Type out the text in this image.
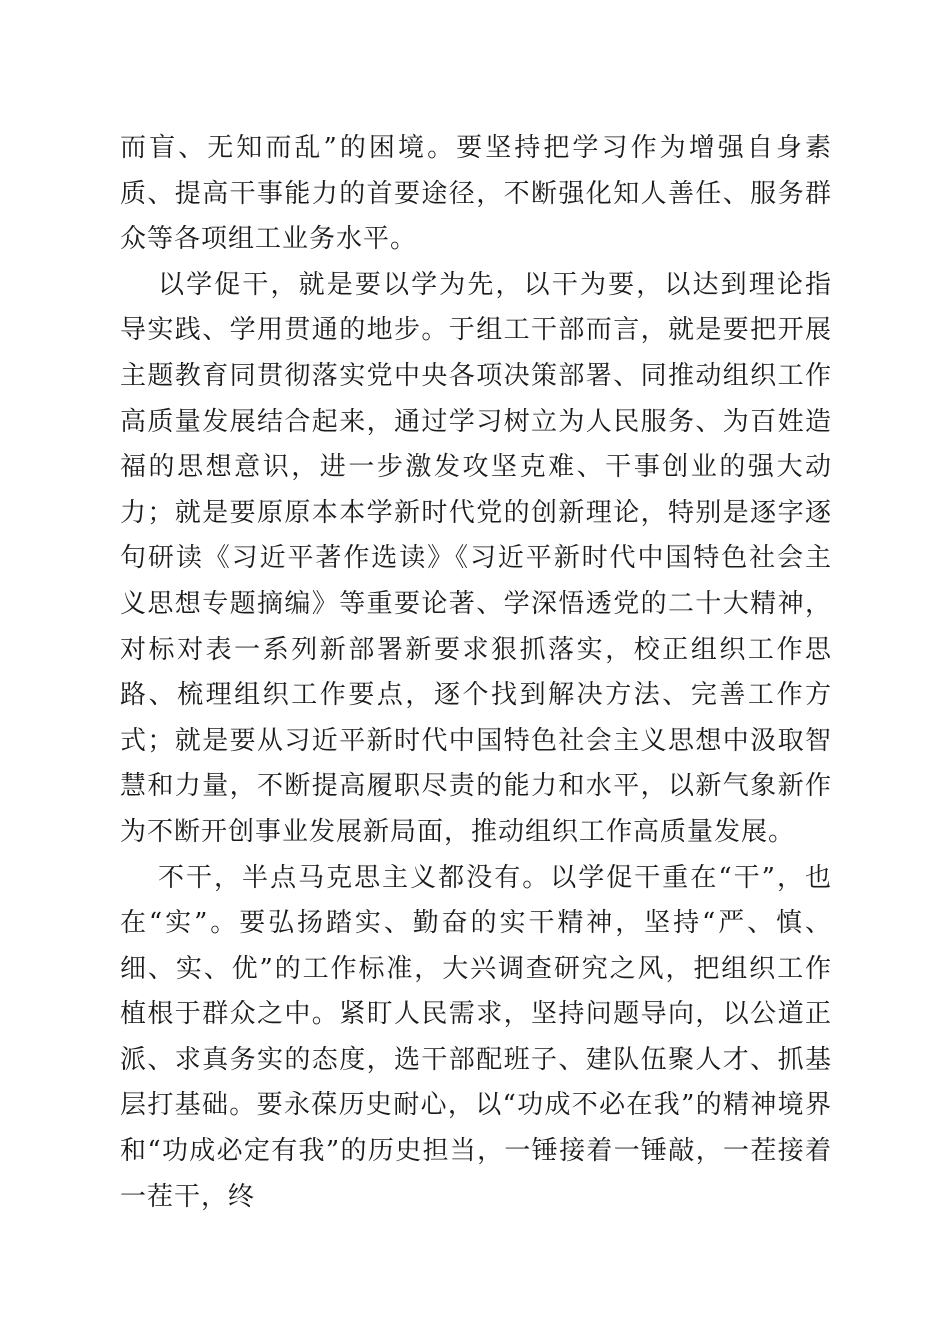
而盲、无知而乱”的困境。要坚持把学习作为增强自身素质、提高干事能力的首要途径，不断强化知人善任、服务群众等各项组工业务水平。

以学促干，就是要以学为先，以干为要，以达到理论指导实践、学用贯通的地步。于组工干部而言，就是要把开展主题教育同贯彻落实党中央各项决策部署、同推动组织工作高质量发展结合起来，通过学习树立为人民服务、为百姓造福的思想意识，进一步激发攻坚克难、干事创业的强大动力；就是要原原本本学新时代党的创新理论，特别是逐字逐句研读《习近平著作选读》《习近平新时代中国特色社会主义思想专题摘编》等重要论著、学深悟透党的二十大精神，对标对表一系列新部署新要求狠抓落实，校正组织工作思路、梳理组织工作要点，逐个找到解决方法、完善工作方式；就是要从习近平新时代中国特色社会主义思想中汲取智慧和力量，不断提高履职尽责的能力和水平，以新气象新作为不断开创事业发展新局面，推动组织工作高质量发展。

不干，半点马克思主义都没有。以学促干重在“干”，也在“实”。要弘扬踏实、勤奋的实干精神，坚持“严、慎、细、实、优”的工作标准，大兴调查研究之风，把组织工作植根于群众之中。紧盯人民需求，坚持问题导向，以公道正派、求真务实的态度，选干部配班子、建队伍聚人才、抓基层打基础。要永葆历史耐心，以“功成不必在我”的精神境界和“功成必定有我”的历史担当，一锤接着一锤敲，一茬接着一茬干，终
